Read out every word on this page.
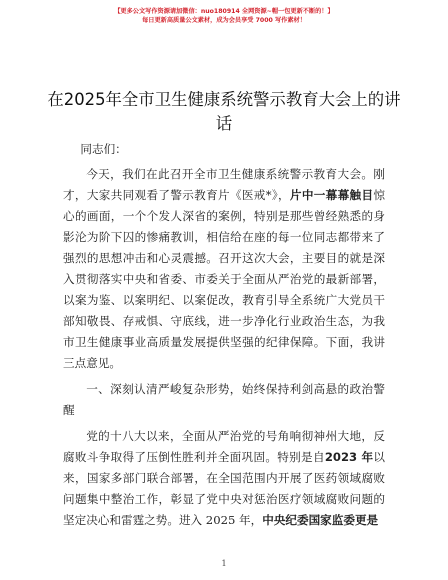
【更多公文写作资源请加微信：nuo180914 全网资源~帽一包更新不断的！】
每日更新高质量公文素材，成为会员享受 7000 写作素材！
在2025年全市卫生健康系统警示教育大会上的讲话

同志们：

今天，我们在此召开全市卫生健康系统警示教育大会。刚才，大家共同观看了警示教育片《医戒*》，片中一幕幕触目惊心的画面，一个个发人深省的案例，特别是那些曾经熟悉的身影沦为阶下囚的惨痛教训，相信给在座的每一位同志都带来了强烈的思想冲击和心灵震撼。召开这次大会，主要目的就是深入贯彻落实中央和省委、市委关于全面从严治党的最新部署，以案为鉴、以案明纪、以案促改，教育引导全系统广大党员干部知敬畏、存戒惧、守底线，进一步净化行业政治生态，为我市卫生健康事业高质量发展提供坚强的纪律保障。下面，我讲三点意见。

一、深刻认清严峻复杂形势，始终保持利剑高悬的政治警醒

党的十八大以来，全面从严治党的号角响彻神州大地，反腐败斗争取得了压倒性胜利并全面巩固。特别是自2023 年以来，国家多部门联合部署，在全国范围内开展了医药领域腐败问题集中整治工作，彰显了党中央对惩治医疗领域腐败问题的坚定决心和雷霆之势。进入 2025 年，中央纪委国家监委更是

1
